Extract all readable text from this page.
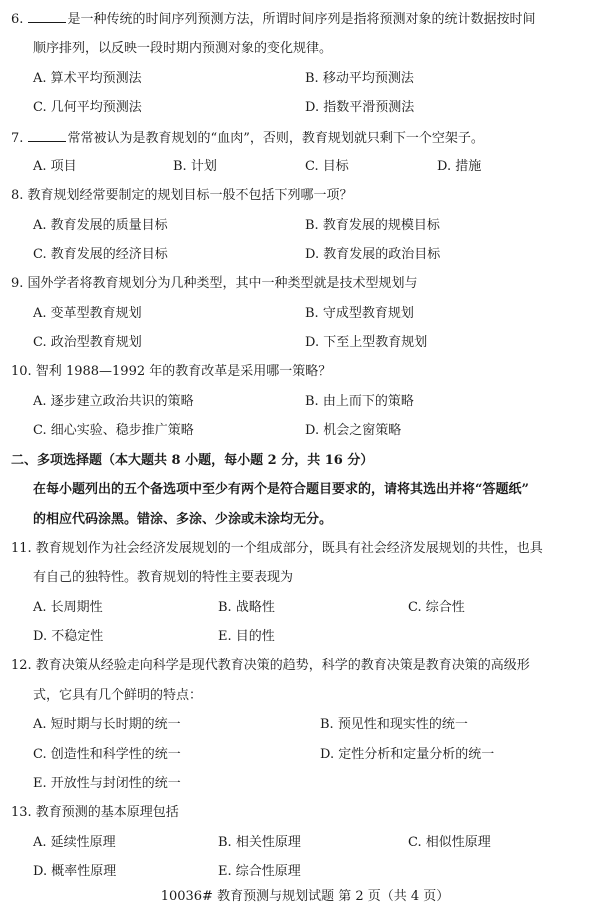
6.	是一种传统的时间序列预测方法，所谓时间序列是指将预测对象的统计数据按时间
顺序排列，以反映一段时期内预测对象的变化规律。
A. 算术平均预测法	B. 移动平均预测法
C. 几何平均预测法	D. 指数平滑预测法
7.	常常被认为是教育规划的“血肉”，否则，教育规划就只剩下一个空架子。
A. 项目	B. 计划	C. 目标	D. 措施
8. 教育规划经常要制定的规划目标一般不包括下列哪一项？
A. 教育发展的质量目标	B. 教育发展的规模目标
C. 教育发展的经济目标	D. 教育发展的政治目标
9. 国外学者将教育规划分为几种类型，其中一种类型就是技术型规划与
A. 变革型教育规划	B. 守成型教育规划
C. 政治型教育规划	D. 下至上型教育规划
10. 智利 1988—1992 年的教育改革是采用哪一策略？
A. 逐步建立政治共识的策略	B. 由上而下的策略
C. 细心实验、稳步推广策略	D. 机会之窗策略
二、多项选择题（本大题共 8 小题，每小题 2 分，共 16 分）
在每小题列出的五个备选项中至少有两个是符合题目要求的，请将其选出并将“答题纸”
的相应代码涂黑。错涂、多涂、少涂或未涂均无分。
11. 教育规划作为社会经济发展规划的一个组成部分，既具有社会经济发展规划的共性，也具
有自己的独特性。教育规划的特性主要表现为
A. 长周期性	B. 战略性	C. 综合性
D. 不稳定性	E. 目的性
12. 教育决策从经验走向科学是现代教育决策的趋势，科学的教育决策是教育决策的高级形
式，它具有几个鲜明的特点：
A. 短时期与长时期的统一	B. 预见性和现实性的统一
C. 创造性和科学性的统一	D. 定性分析和定量分析的统一
E. 开放性与封闭性的统一
13. 教育预测的基本原理包括
A. 延续性原理	B. 相关性原理	C. 相似性原理
D. 概率性原理	E. 综合性原理
10036# 教育预测与规划试题 第 2 页（共 4 页）
